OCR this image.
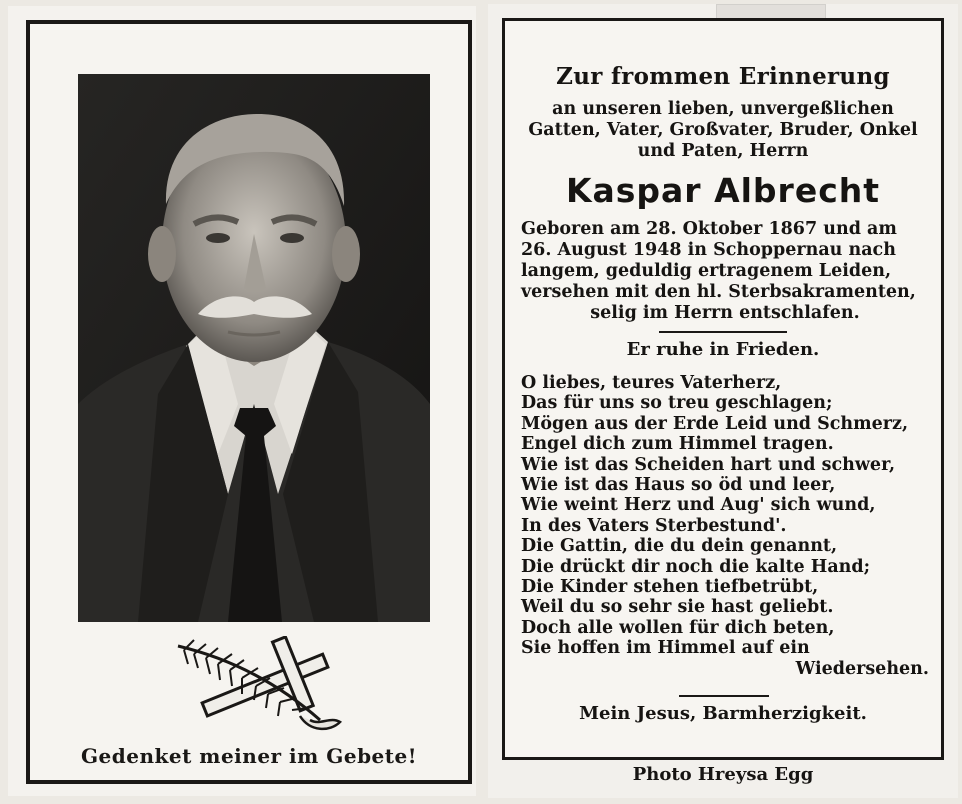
Gedenket meiner im Gebete!
Zur frommen Erinnerung
an unseren lieben, unvergeßlichen
Gatten, Vater, Großvater, Bruder, Onkel
und Paten, Herrn
Kaspar Albrecht
Geboren am 28. Oktober 1867 und am
26. August 1948 in Schoppernau nach
langem, geduldig ertragenem Leiden,
versehen mit den hl. Sterbsakramenten,
selig im Herrn entschlafen.
Er ruhe in Frieden.
O liebes, teures Vaterherz,
Das für uns so treu geschlagen;
Mögen aus der Erde Leid und Schmerz,
Engel dich zum Himmel tragen.
Wie ist das Scheiden hart und schwer,
Wie ist das Haus so öd und leer,
Wie weint Herz und Aug' sich wund,
In des Vaters Sterbestund'.
Die Gattin, die du dein genannt,
Die drückt dir noch die kalte Hand;
Die Kinder stehen tiefbetrübt,
Weil du so sehr sie hast geliebt.
Doch alle wollen für dich beten,
Sie hoffen im Himmel auf ein
Wiedersehen.
Mein Jesus, Barmherzigkeit.
Photo Hreysa Egg
